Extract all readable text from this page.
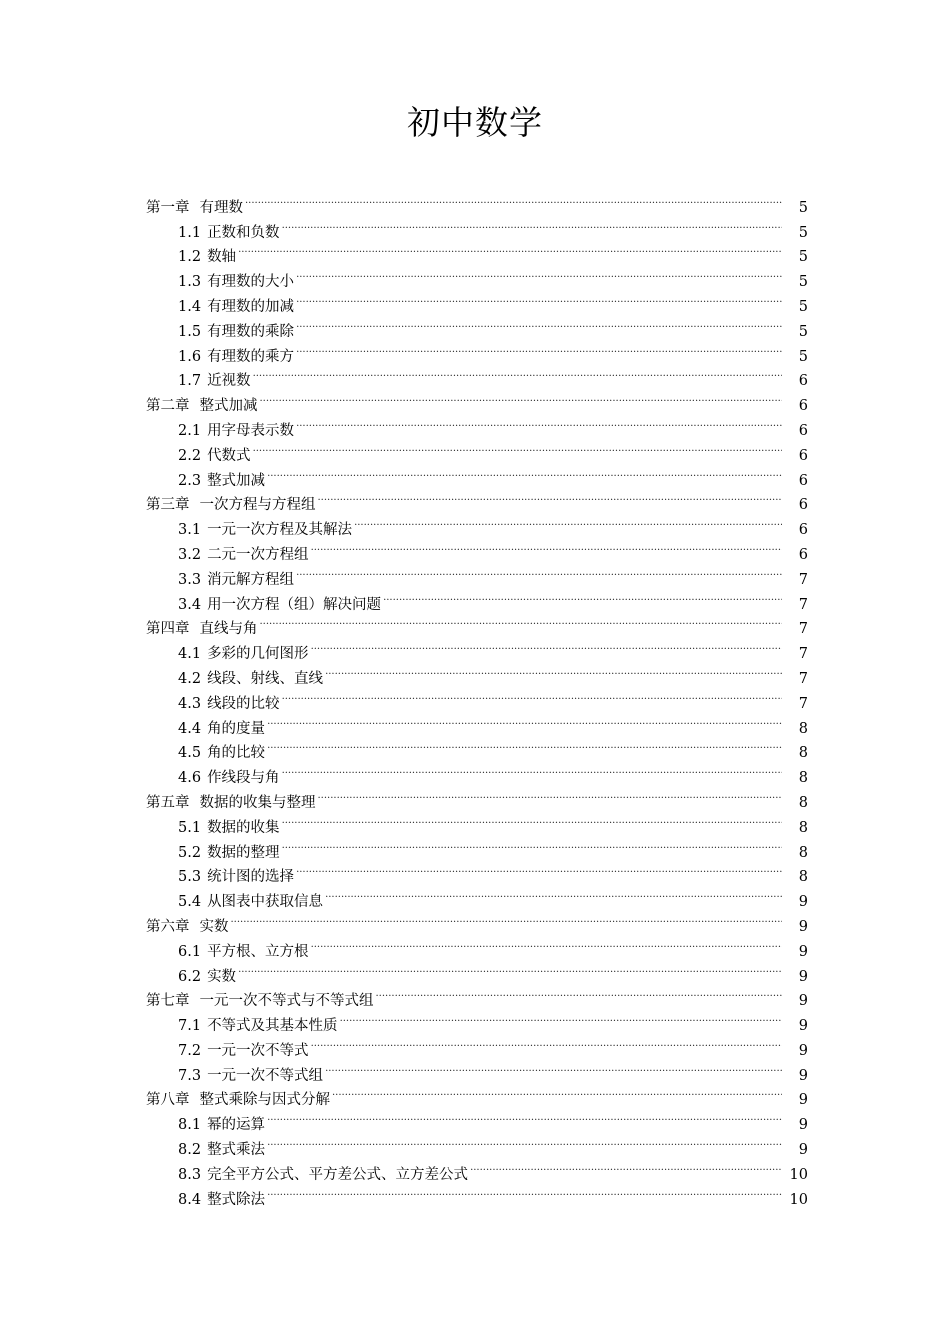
初中数学
第一章 有理数 .....	5
1.1 正数和负数 .....	5
1.2 数轴 .....	5
1.3 有理数的大小 .....	5
1.4 有理数的加减 .....	5
1.5 有理数的乘除 .....	5
1.6 有理数的乘方 .....	5
1.7 近视数 .....	6
第二章 整式加减 .....	6
2.1 用字母表示数 .....	6
2.2 代数式 .....	6
2.3 整式加减 .....	6
第三章 一次方程与方程组 .....	6
3.1 一元一次方程及其解法 .....	6
3.2 二元一次方程组 .....	6
3.3 消元解方程组 .....	7
3.4 用一次方程（组）解决问题 .....	7
第四章 直线与角 .....	7
4.1 多彩的几何图形 .....	7
4.2 线段、射线、直线 .....	7
4.3 线段的比较 .....	7
4.4 角的度量 .....	8
4.5 角的比较 .....	8
4.6 作线段与角 .....	8
第五章 数据的收集与整理 .....	8
5.1 数据的收集 .....	8
5.2 数据的整理 .....	8
5.3 统计图的选择 .....	8
5.4 从图表中获取信息 .....	9
第六章 实数 .....	9
6.1 平方根、立方根 .....	9
6.2 实数 .....	9
第七章 一元一次不等式与不等式组 .....	9
7.1 不等式及其基本性质 .....	9
7.2 一元一次不等式 .....	9
7.3 一元一次不等式组 .....	9
第八章 整式乘除与因式分解 .....	9
8.1 幂的运算 .....	9
8.2 整式乘法 .....	9
8.3 完全平方公式、平方差公式、立方差公式 .....	10
8.4 整式除法 .....	10
